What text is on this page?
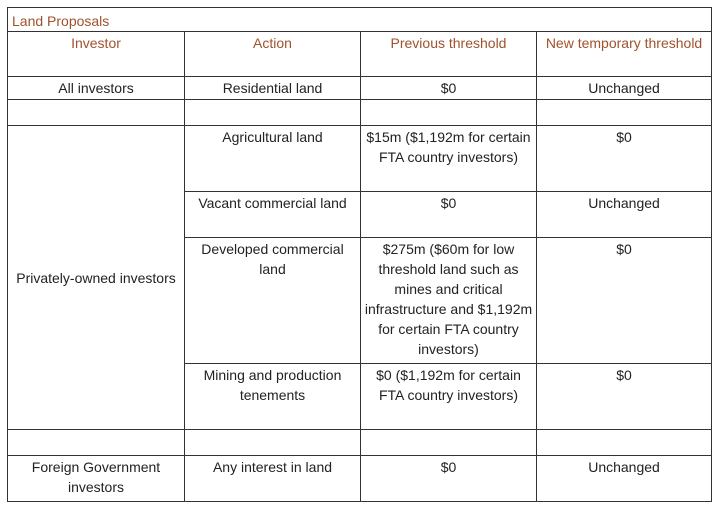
Land Proposals			
Investor	Action	Previous threshold	New temporary threshold
All investors	Residential land	$0	Unchanged

Privately-owned investors	Agricultural land	$15m ($1,192m for certain FTA country investors)	$0
	Vacant commercial land	$0	Unchanged
	Developed commercial land	$275m ($60m for low threshold land such as mines and critical infrastructure and $1,192m for certain FTA country investors)	$0
	Mining and production tenements	$0 ($1,192m for certain FTA country investors)	$0

Foreign Government investors	Any interest in land	$0	Unchanged
